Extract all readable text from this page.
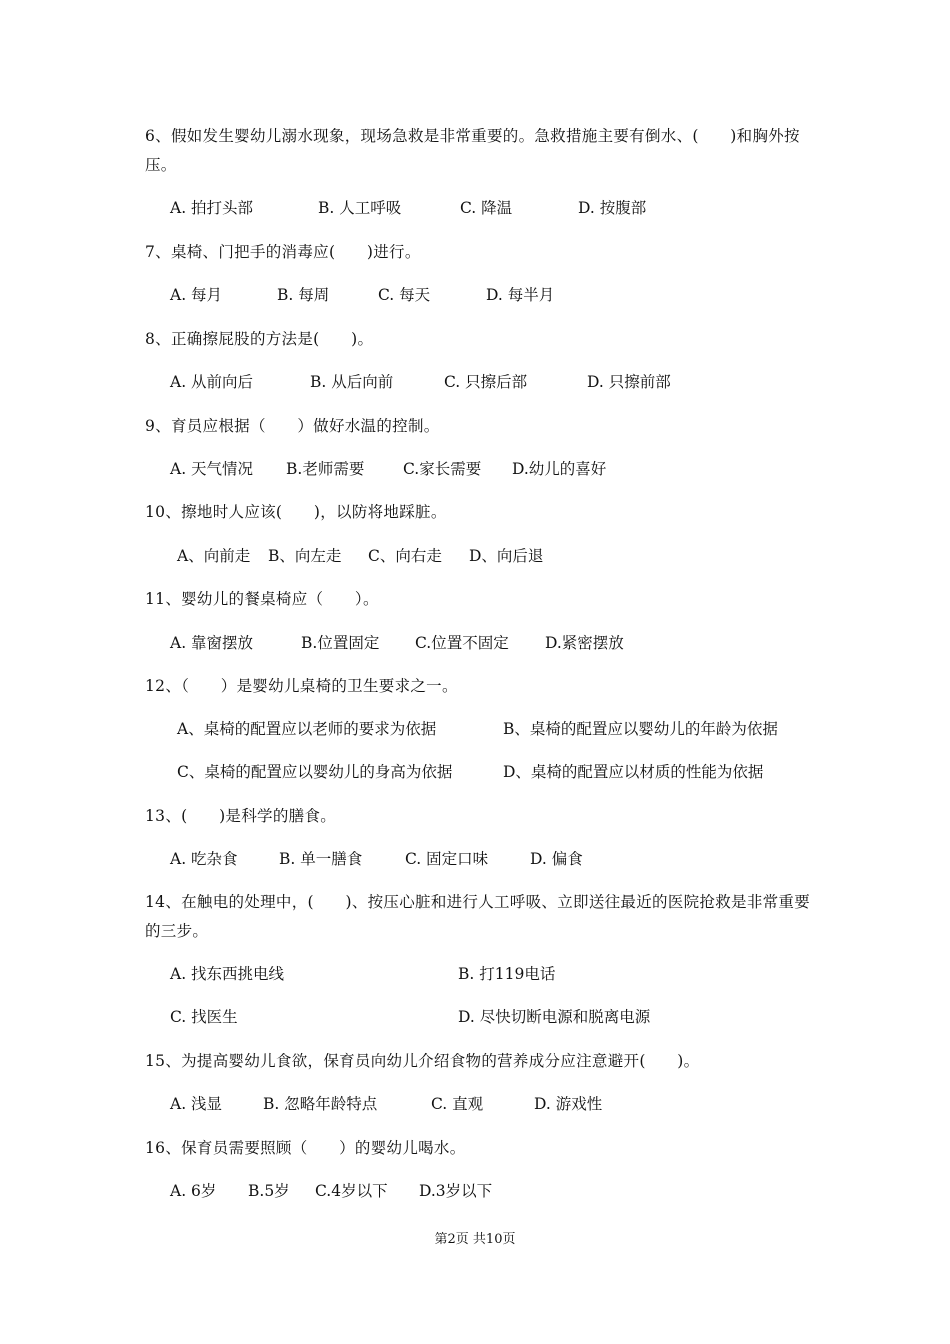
6、假如发生婴幼儿溺水现象，现场急救是非常重要的。急救措施主要有倒水、(　　)和胸外按压。
A. 拍打头部	B. 人工呼吸	C. 降温	D. 按腹部
7、桌椅、门把手的消毒应(　　)进行。
A. 每月	B. 每周	C. 每天	D. 每半月
8、正确擦屁股的方法是(　　)。
A. 从前向后	B. 从后向前	C. 只擦后部	D. 只擦前部
9、育员应根据（　　）做好水温的控制。
A. 天气情况 B.老师需要 C.家长需要 D.幼儿的喜好
10、擦地时人应该(　　)，以防将地踩脏。
A、向前走 B、向左走 C、向右走 D、向后退
11、婴幼儿的餐桌椅应（　　）。
A. 靠窗摆放	B.位置固定 C.位置不固定 D.紧密摆放
12、（　　）是婴幼儿桌椅的卫生要求之一。
A、桌椅的配置应以老师的要求为依据	B、桌椅的配置应以婴幼儿的年龄为依据
C、桌椅的配置应以婴幼儿的身高为依据	D、桌椅的配置应以材质的性能为依据
13、(　　)是科学的膳食。
A. 吃杂食	B. 单一膳食	C. 固定口味	D. 偏食
14、在触电的处理中，(　　)、按压心脏和进行人工呼吸、立即送往最近的医院抢救是非常重要的三步。
A. 找东西挑电线	B. 打119电话
C. 找医生	D. 尽快切断电源和脱离电源
15、为提高婴幼儿食欲，保育员向幼儿介绍食物的营养成分应注意避开(　　)。
A. 浅显	B. 忽略年龄特点	C. 直观	D. 游戏性
16、保育员需要照顾（　　）的婴幼儿喝水。
A. 6岁 B.5岁 C.4岁以下 D.3岁以下
第2页 共10页
